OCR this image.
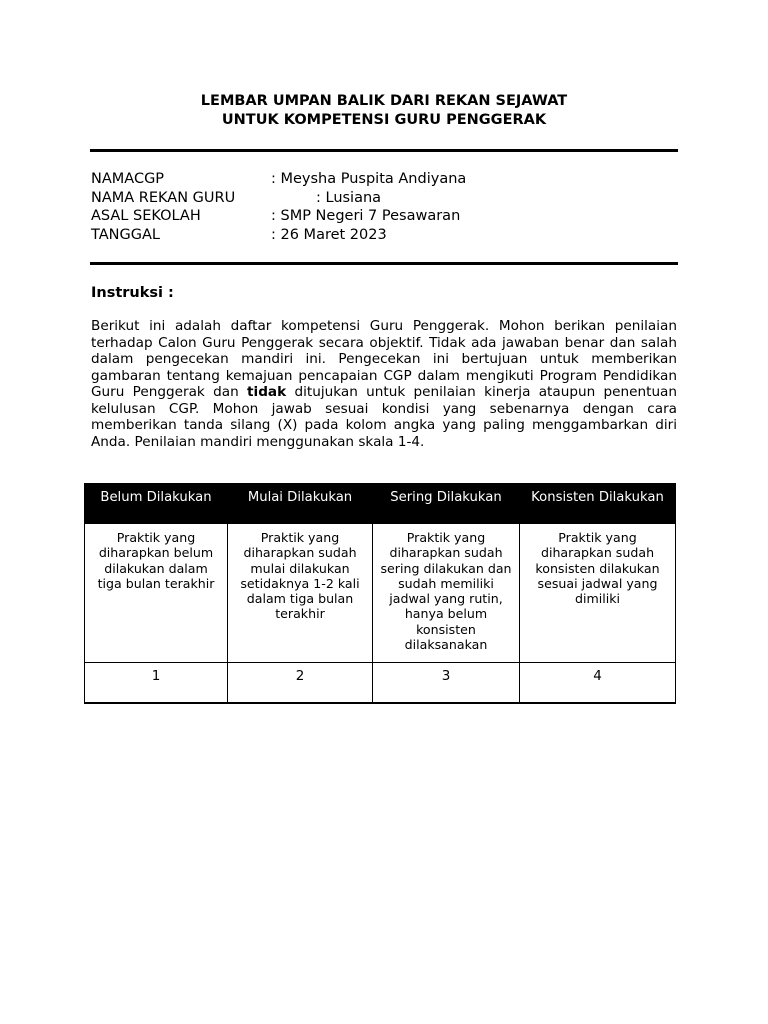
LEMBAR UMPAN BALIK DARI REKAN SEJAWAT
UNTUK KOMPETENSI GURU PENGGERAK
NAMACGP	: Meysha Puspita Andiyana
NAMA REKAN GURU	: Lusiana
ASAL SEKOLAH	: SMP Negeri 7 Pesawaran
TANGGAL	: 26 Maret 2023
Instruksi :
Berikut ini adalah daftar kompetensi Guru Penggerak. Mohon berikan penilaian terhadap Calon Guru Penggerak secara objektif. Tidak ada jawaban benar dan salah dalam pengecekan mandiri ini. Pengecekan ini bertujuan untuk memberikan gambaran tentang kemajuan pencapaian CGP dalam mengikuti Program Pendidikan Guru Penggerak dan tidak ditujukan untuk penilaian kinerja ataupun penentuan kelulusan CGP. Mohon jawab sesuai kondisi yang sebenarnya dengan cara memberikan tanda silang (X) pada kolom angka yang paling menggambarkan diri Anda. Penilaian mandiri menggunakan skala 1-4.
Belum Dilakukan	Mulai Dilakukan	Sering Dilakukan	Konsisten Dilakukan
Praktik yang diharapkan belum dilakukan dalam tiga bulan terakhir	Praktik yang diharapkan sudah mulai dilakukan setidaknya 1-2 kali dalam tiga bulan terakhir	Praktik yang diharapkan sudah sering dilakukan dan sudah memiliki jadwal yang rutin, hanya belum konsisten dilaksanakan	Praktik yang diharapkan sudah konsisten dilakukan sesuai jadwal yang dimiliki
1	2	3	4
